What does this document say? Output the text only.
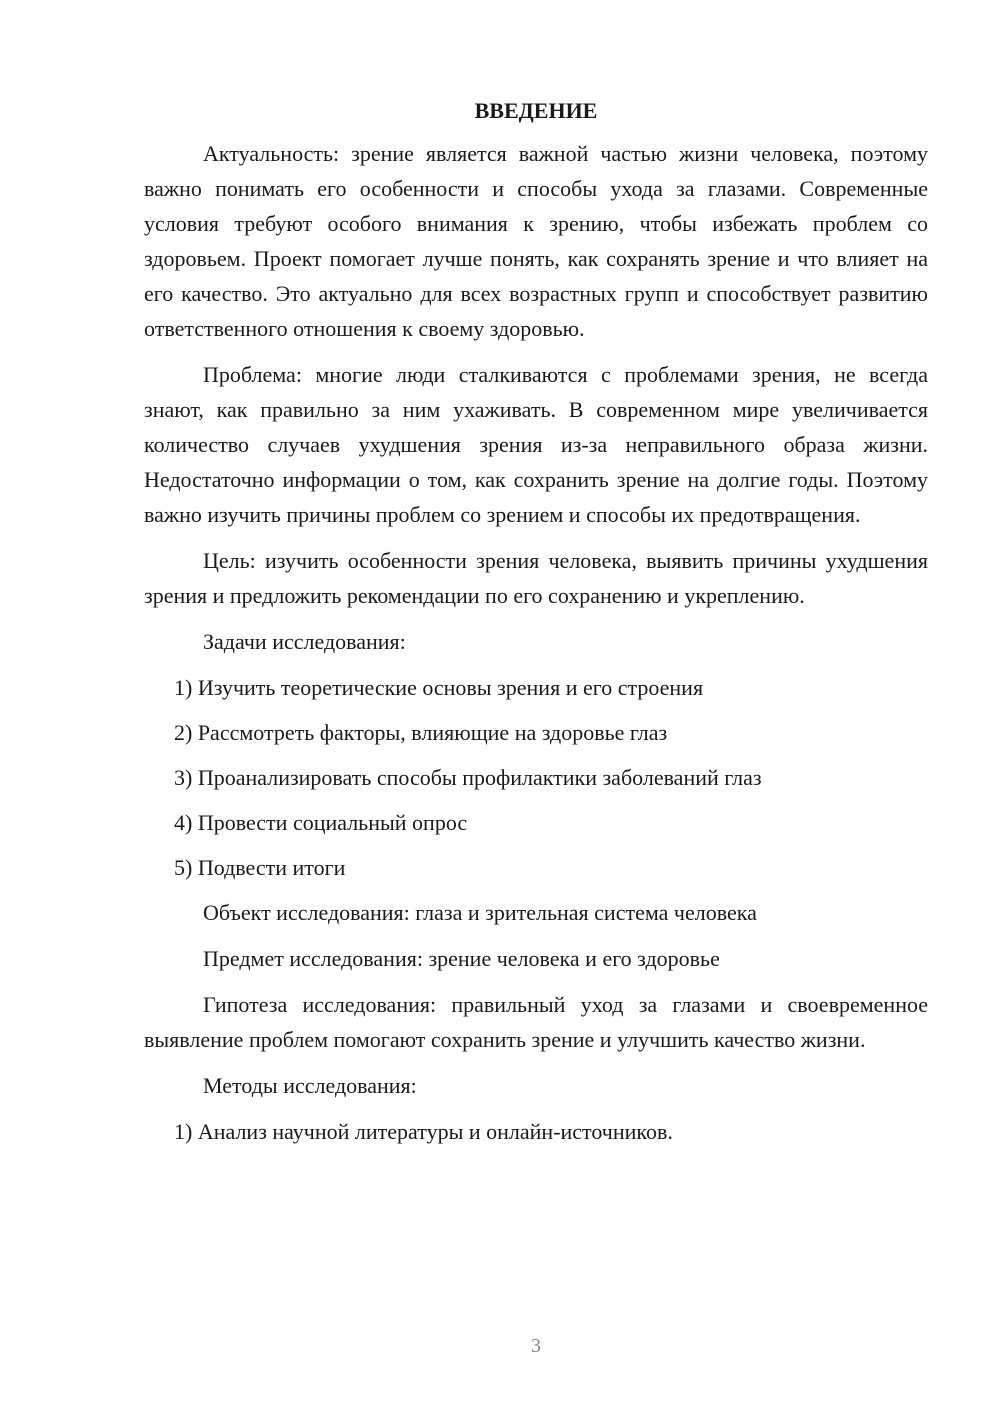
ВВЕДЕНИЕ
Актуальность: зрение является важной частью жизни человека, поэтому важно понимать его особенности и способы ухода за глазами. Современные условия требуют особого внимания к зрению, чтобы избежать проблем со здоровьем. Проект помогает лучше понять, как сохранять зрение и что влияет на его качество. Это актуально для всех возрастных групп и способствует развитию ответственного отношения к своему здоровью.
Проблема: многие люди сталкиваются с проблемами зрения, не всегда знают, как правильно за ним ухаживать. В современном мире увеличивается количество случаев ухудшения зрения из-за неправильного образа жизни. Недостаточно информации о том, как сохранить зрение на долгие годы. Поэтому важно изучить причины проблем со зрением и способы их предотвращения.
Цель: изучить особенности зрения человека, выявить причины ухудшения зрения и предложить рекомендации по его сохранению и укреплению.
Задачи исследования:
1) Изучить теоретические основы зрения и его строения
2) Рассмотреть факторы, влияющие на здоровье глаз
3) Проанализировать способы профилактики заболеваний глаз
4) Провести социальный опрос
5) Подвести итоги
Объект исследования: глаза и зрительная система человека
Предмет исследования: зрение человека и его здоровье
Гипотеза исследования: правильный уход за глазами и своевременное выявление проблем помогают сохранить зрение и улучшить качество жизни.
Методы исследования:
1) Анализ научной литературы и онлайн-источников.
3
